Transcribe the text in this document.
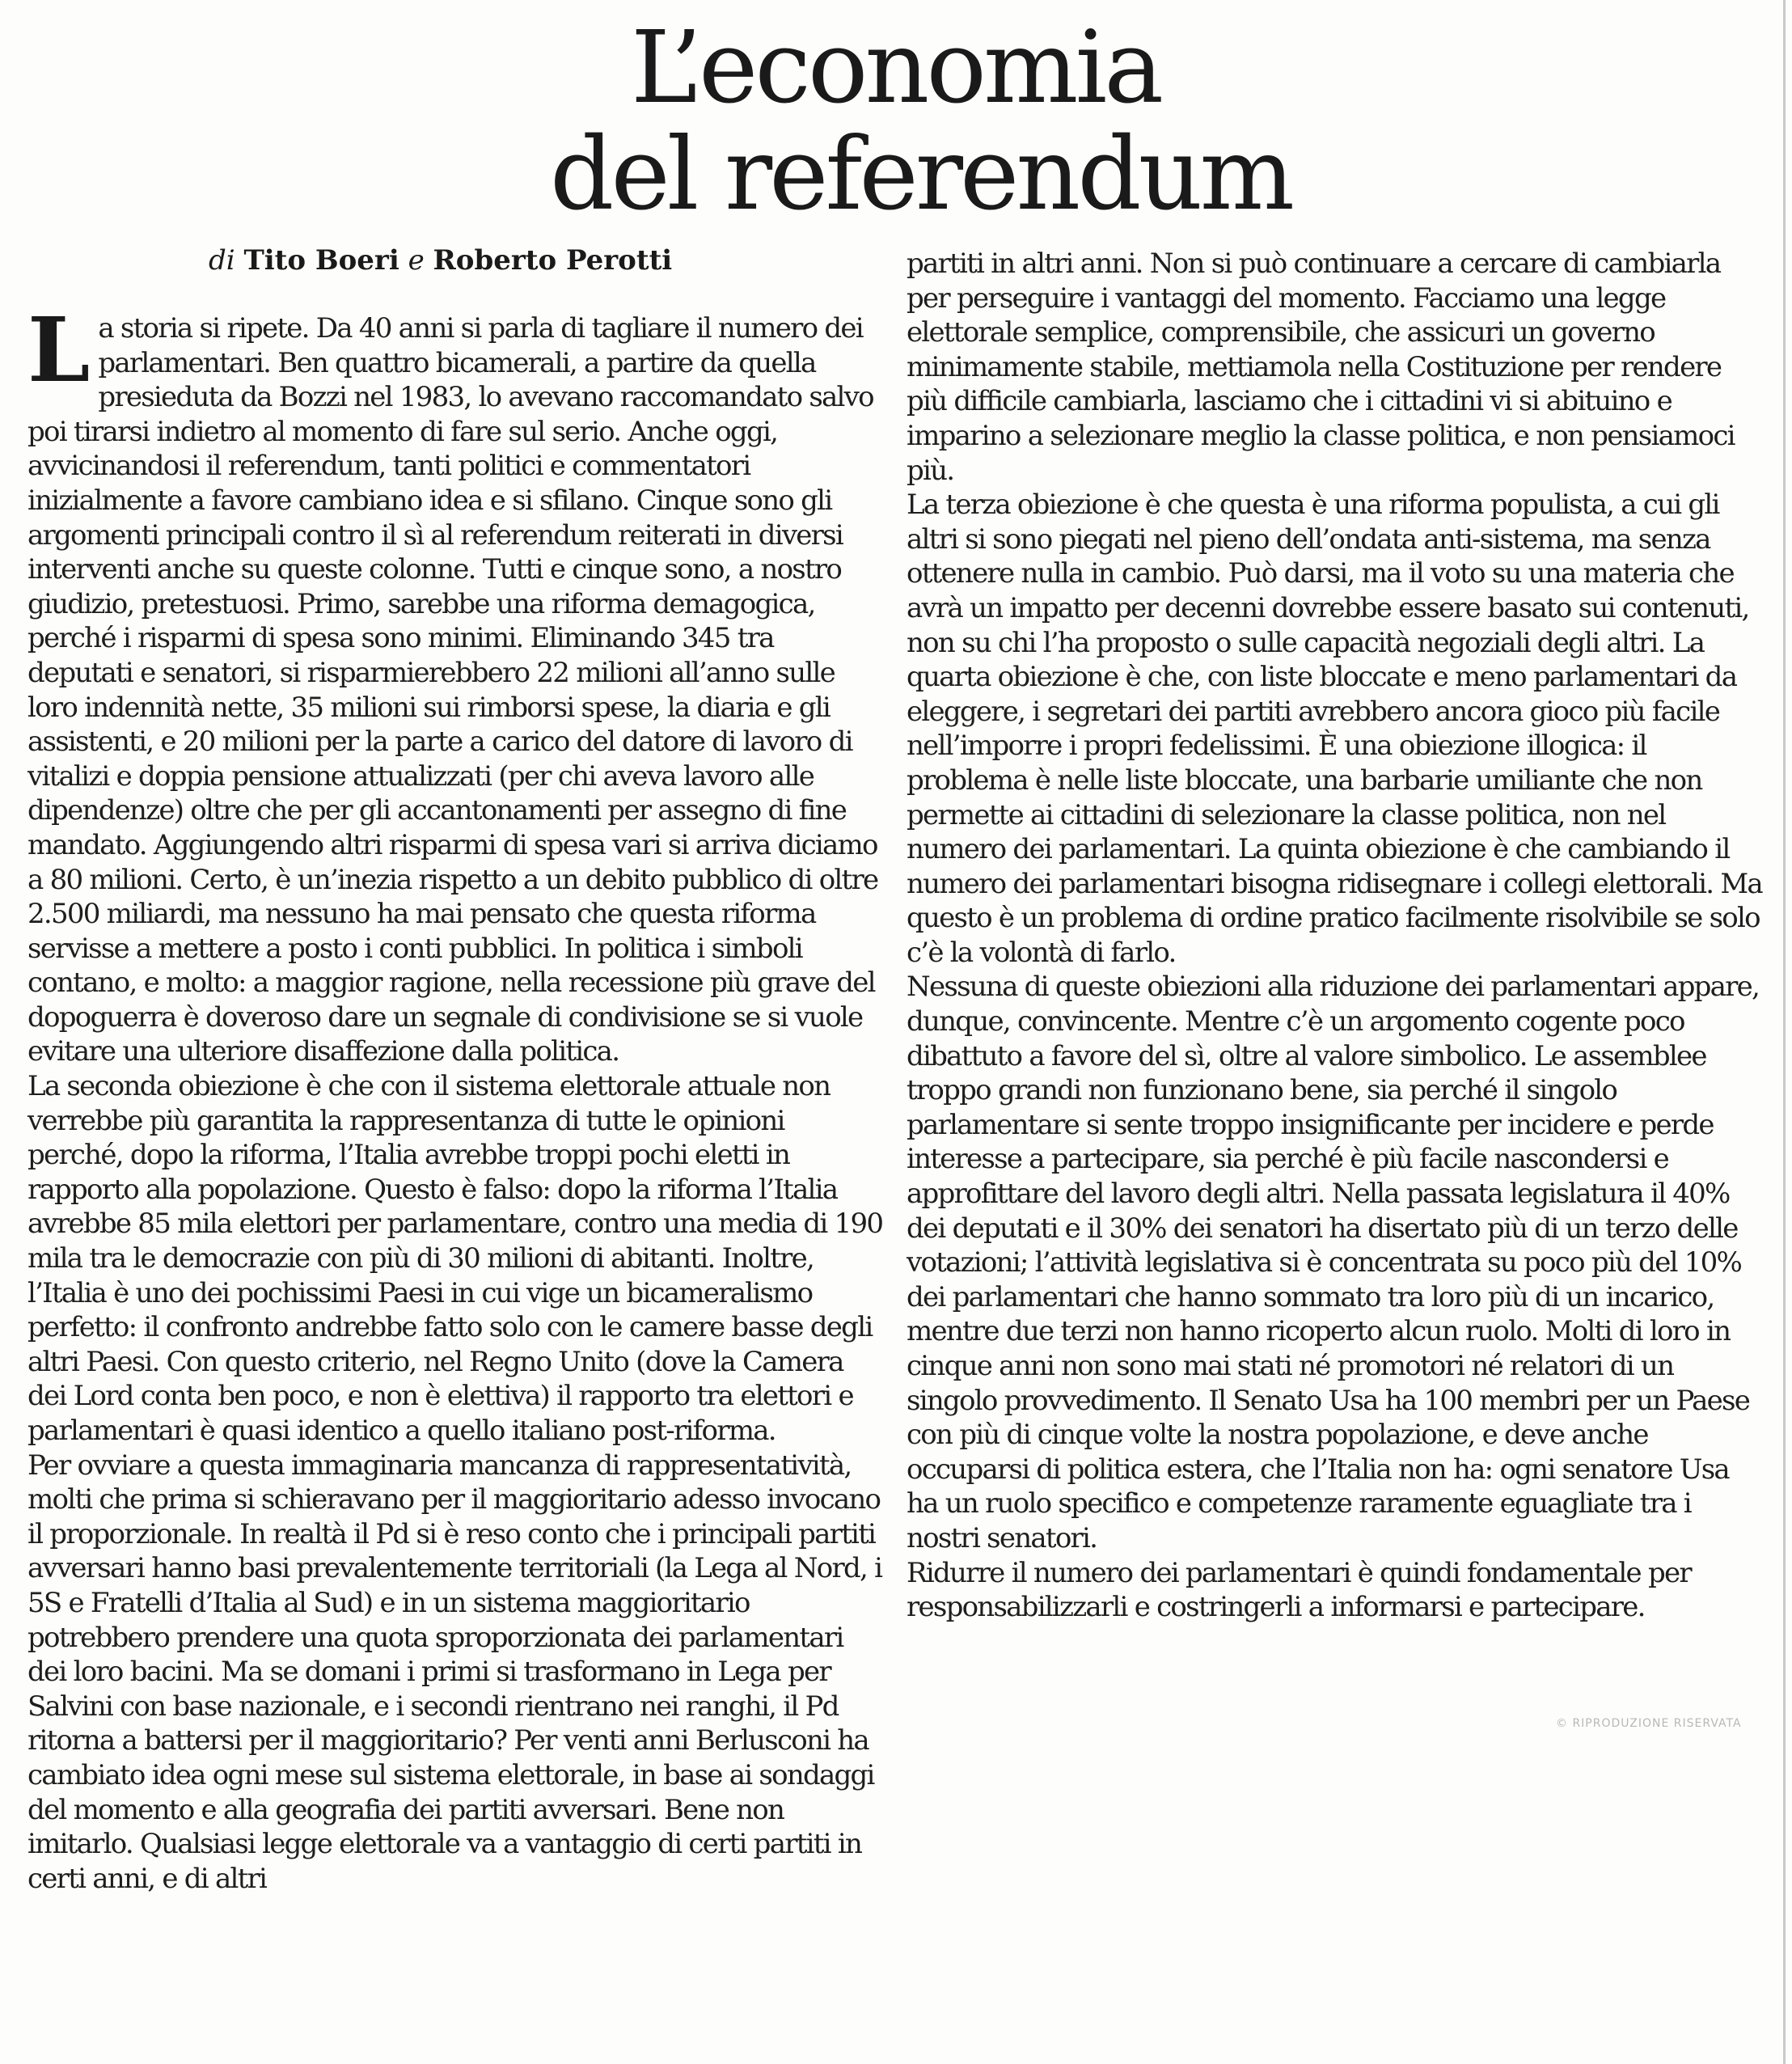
L’economia
del referendum
di Tito Boeri e Roberto Perotti
L a storia si ripete. Da 40 anni si parla di tagliare il numero dei parlamentari. Ben quattro bicamerali, a partire da quella presieduta da Bozzi nel 1983, lo avevano raccomandato salvo poi tirarsi indietro al momento di fare sul serio. Anche oggi, avvicinandosi il referendum, tanti politici e commentatori inizialmente a favore cambiano idea e si sfilano. Cinque sono gli argomenti principali contro il sì al referendum reiterati in diversi interventi anche su queste colonne. Tutti e cinque sono, a nostro giudizio, pretestuosi. Primo, sarebbe una riforma demagogica, perché i risparmi di spesa sono minimi. Eliminando 345 tra deputati e senatori, si risparmierebbero 22 milioni all’anno sulle loro indennità nette, 35 milioni sui rimborsi spese, la diaria e gli assistenti, e 20 milioni per la parte a carico del datore di lavoro di vitalizi e doppia pensione attualizzati (per chi aveva lavoro alle dipendenze) oltre che per gli accantonamenti per assegno di fine mandato. Aggiungendo altri risparmi di spesa vari si arriva diciamo a 80 milioni. Certo, è un’inezia rispetto a un debito pubblico di oltre 2.500 miliardi, ma nessuno ha mai pensato che questa riforma servisse a mettere a posto i conti pubblici. In politica i simboli contano, e molto: a maggior ragione, nella recessione più grave del dopoguerra è doveroso dare un segnale di condivisione se si vuole evitare una ulteriore disaffezione dalla politica.

La seconda obiezione è che con il sistema elettorale attuale non verrebbe più garantita la rappresentanza di tutte le opinioni perché, dopo la riforma, l’Italia avrebbe troppi pochi eletti in rapporto alla popolazione. Questo è falso: dopo la riforma l’Italia avrebbe 85 mila elettori per parlamentare, contro una media di 190 mila tra le democrazie con più di 30 milioni di abitanti. Inoltre, l’Italia è uno dei pochissimi Paesi in cui vige un bicameralismo perfetto: il confronto andrebbe fatto solo con le camere basse degli altri Paesi. Con questo criterio, nel Regno Unito (dove la Camera dei Lord conta ben poco, e non è elettiva) il rapporto tra elettori e parlamentari è quasi identico a quello italiano post-riforma.

Per ovviare a questa immaginaria mancanza di rappresentatività, molti che prima si schieravano per il maggioritario adesso invocano il proporzionale. In realtà il Pd si è reso conto che i principali partiti avversari hanno basi prevalentemente territoriali (la Lega al Nord, i 5S e Fratelli d’Italia al Sud) e in un sistema maggioritario potrebbero prendere una quota sproporzionata dei parlamentari dei loro bacini. Ma se domani i primi si trasformano in Lega per Salvini con base nazionale, e i secondi rientrano nei ranghi, il Pd ritorna a battersi per il maggioritario? Per venti anni Berlusconi ha cambiato idea ogni mese sul sistema elettorale, in base ai sondaggi del momento e alla geografia dei partiti avversari. Bene non imitarlo. Qualsiasi legge elettorale va a vantaggio di certi partiti in certi anni, e di altri

partiti in altri anni. Non si può continuare a cercare di cambiarla per perseguire i vantaggi del momento. Facciamo una legge elettorale semplice, comprensibile, che assicuri un governo minimamente stabile, mettiamola nella Costituzione per rendere più difficile cambiarla, lasciamo che i cittadini vi si abituino e imparino a selezionare meglio la classe politica, e non pensiamoci più.

La terza obiezione è che questa è una riforma populista, a cui gli altri si sono piegati nel pieno dell’ondata anti-sistema, ma senza ottenere nulla in cambio. Può darsi, ma il voto su una materia che avrà un impatto per decenni dovrebbe essere basato sui contenuti, non su chi l’ha proposto o sulle capacità negoziali degli altri. La quarta obiezione è che, con liste bloccate e meno parlamentari da eleggere, i segretari dei partiti avrebbero ancora gioco più facile nell’imporre i propri fedelissimi. È una obiezione illogica: il problema è nelle liste bloccate, una barbarie umiliante che non permette ai cittadini di selezionare la classe politica, non nel numero dei parlamentari. La quinta obiezione è che cambiando il numero dei parlamentari bisogna ridisegnare i collegi elettorali. Ma questo è un problema di ordine pratico facilmente risolvibile se solo c’è la volontà di farlo.

Nessuna di queste obiezioni alla riduzione dei parlamentari appare, dunque, convincente. Mentre c’è un argomento cogente poco dibattuto a favore del sì, oltre al valore simbolico. Le assemblee troppo grandi non funzionano bene, sia perché il singolo parlamentare si sente troppo insignificante per incidere e perde interesse a partecipare, sia perché è più facile nascondersi e approfittare del lavoro degli altri. Nella passata legislatura il 40% dei deputati e il 30% dei senatori ha disertato più di un terzo delle votazioni; l’attività legislativa si è concentrata su poco più del 10% dei parlamentari che hanno sommato tra loro più di un incarico, mentre due terzi non hanno ricoperto alcun ruolo. Molti di loro in cinque anni non sono mai stati né promotori né relatori di un singolo provvedimento. Il Senato Usa ha 100 membri per un Paese con più di cinque volte la nostra popolazione, e deve anche occuparsi di politica estera, che l’Italia non ha: ogni senatore Usa ha un ruolo specifico e competenze raramente eguagliate tra i nostri senatori.

Ridurre il numero dei parlamentari è quindi fondamentale per responsabilizzarli e costringerli a informarsi e partecipare.

© RIPRODUZIONE RISERVATA
